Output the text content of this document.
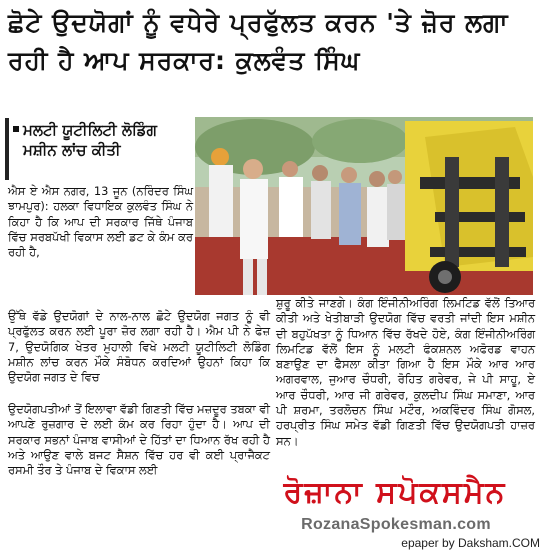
ਛੋਟੇ ਉਦਯੋਗਾਂ ਨੂੰ ਵਧੇਰੇ ਪ੍ਰਫੁੱਲਤ ਕਰਨ 'ਤੇ ਜ਼ੋਰ ਲਗਾ ਰਹੀ ਹੈ ਆਪ ਸਰਕਾਰ: ਕੁਲਵੰਤ ਸਿੰਘ
ਮਲਟੀ ਯੂਟੀਲਿਟੀ ਲੋਡਿੰਗ ਮਸ਼ੀਨ ਲਾਂਚ ਕੀਤੀ
ਐਸ ਏ ਐਸ ਨਗਰ, 13 ਜੂਨ (ਨਰਿੰਦਰ ਸਿੰਘ ਝਾਮਪੁਰ): ਹਲਕਾ ਵਿਧਾਇਕ ਕੁਲਵੰਤ ਸਿੰਘ ਨੇ ਕਿਹਾ ਹੈ ਕਿ ਆਪ ਦੀ ਸਰਕਾਰ ਜਿੱਥੇ ਪੰਜਾਬ ਵਿੱਚ ਸਰਬਪੱਖੀ ਵਿਕਾਸ ਲਈ ਡਟ ਕੇ ਕੰਮ ਕਰ ਰਹੀ ਹੈ,
ਉੱਥੇ ਵੱਡੇ ਉਦਯੋਗਾਂ ਦੇ ਨਾਲ-ਨਾਲ ਛੋਟੇ ਉਦਯੋਗ ਜਗਤ ਨੂੰ ਵੀ ਪ੍ਰਫੁੱਲਤ ਕਰਨ ਲਈ ਪੂਰਾ ਜ਼ੋਰ ਲਗਾ ਰਹੀ ਹੈ। ਐਮ ਪੀ ਨੇ ਫੇਜ਼ 7, ਉਦਯੋਗਿਕ ਖੇਤਰ ਮੁਹਾਲੀ ਵਿਖੇ ਮਲਟੀ ਯੂਟੀਲਿਟੀ ਲੋਡਿੰਗ ਮਸ਼ੀਨ ਲਾਂਚ ਕਰਨ ਮੌਕੇ ਸੰਬੋਧਨ ਕਰਦਿਆਂ ਉਹਨਾਂ ਕਿਹਾ ਕਿ ਉਦਯੋਗ ਜਗਤ ਦੇ ਵਿਚ
ਉਦਯੋਗਪਤੀਆਂ ਤੋਂ ਇਲਾਵਾ ਵੱਡੀ ਗਿਣਤੀ ਵਿੱਚ ਮਜ਼ਦੂਰ ਤਬਕਾ ਵੀ ਆਪਣੇ ਰੁਜ਼ਗਾਰ ਦੇ ਲਈ ਕੰਮ ਕਰ ਰਿਹਾ ਹੁੰਦਾ ਹੈ। ਆਪ ਦੀ ਸਰਕਾਰ ਸਭਨਾਂ ਪੰਜਾਬ ਵਾਸੀਆਂ ਦੇ ਹਿੱਤਾਂ ਦਾ ਧਿਆਨ ਰੱਖ ਰਹੀ ਹੈ ਅਤੇ ਆਉਣ ਵਾਲੇ ਬਜਟ ਸੈਸ਼ਨ ਵਿੱਚ ਹਰ ਵੀ ਕਈ ਪ੍ਰਾਜੈਕਟ ਰਸਮੀ ਤੌਰ ਤੇ ਪੰਜਾਬ ਦੇ ਵਿਕਾਸ ਲਈ
ਸ਼ੁਰੂ ਕੀਤੇ ਜਾਣਗੇ। ਕੰਗ ਇੰਜੀਨੀਅਰਿੰਗ ਲਿਮਟਿਡ ਵੱਲੋਂ ਤਿਆਰ ਕੀਤੀ ਅਤੇ ਖੇਤੀਬਾੜੀ ਉਦਯੋਗ ਵਿੱਚ ਵਰਤੀ ਜਾਂਦੀ ਇਸ ਮਸ਼ੀਨ ਦੀ ਬਹੁਪੱਖਤਾ ਨੂੰ ਧਿਆਨ ਵਿੱਚ ਰੱਖਦੇ ਹੋਏ, ਕੰਗ ਇੰਜੀਨੀਅਰਿੰਗ ਲਿਮਟਿਡ ਵੱਲੋਂ ਇਸ ਨੂੰ ਮਲਟੀ ਫੰਕਸ਼ਨਲ ਅਫੋਰਡ ਵਾਹਨ ਬਣਾਉਣ ਦਾ ਫੈਸਲਾ ਕੀਤਾ ਗਿਆ ਹੈ ਇਸ ਮੌਕੇ ਆਰ ਆਰ ਅਗਰਵਾਲ, ਜੁਆਰ ਚੌਧਰੀ, ਰੋਹਿਤ ਗਰੇਵਰ, ਜੇ ਪੀ ਸਾਹੂ, ਏ ਆਰ ਚੌਧਰੀ, ਆਰ ਜੀ ਗਰੇਵਰ, ਕੁਲਦੀਪ ਸਿੰਘ ਸਮਾਣਾ, ਆਰ ਪੀ ਸ਼ਰਮਾ, ਤਰਲੋਚਨ ਸਿੰਘ ਮਟੌਰ, ਅਕਵਿੰਦਰ ਸਿੰਘ ਗੋਸਲ, ਹਰਪ੍ਰੀਤ ਸਿੰਘ ਸਮੇਤ ਵੱਡੀ ਗਿਣਤੀ ਵਿੱਚ ਉਦਯੋਗਪਤੀ ਹਾਜ਼ਰ ਸਨ।
ਰੋਜ਼ਾਨਾ ਸਪੋਕਸਮੈਨ
RozanaSpokesman.com
epaper by Daksham.COM
